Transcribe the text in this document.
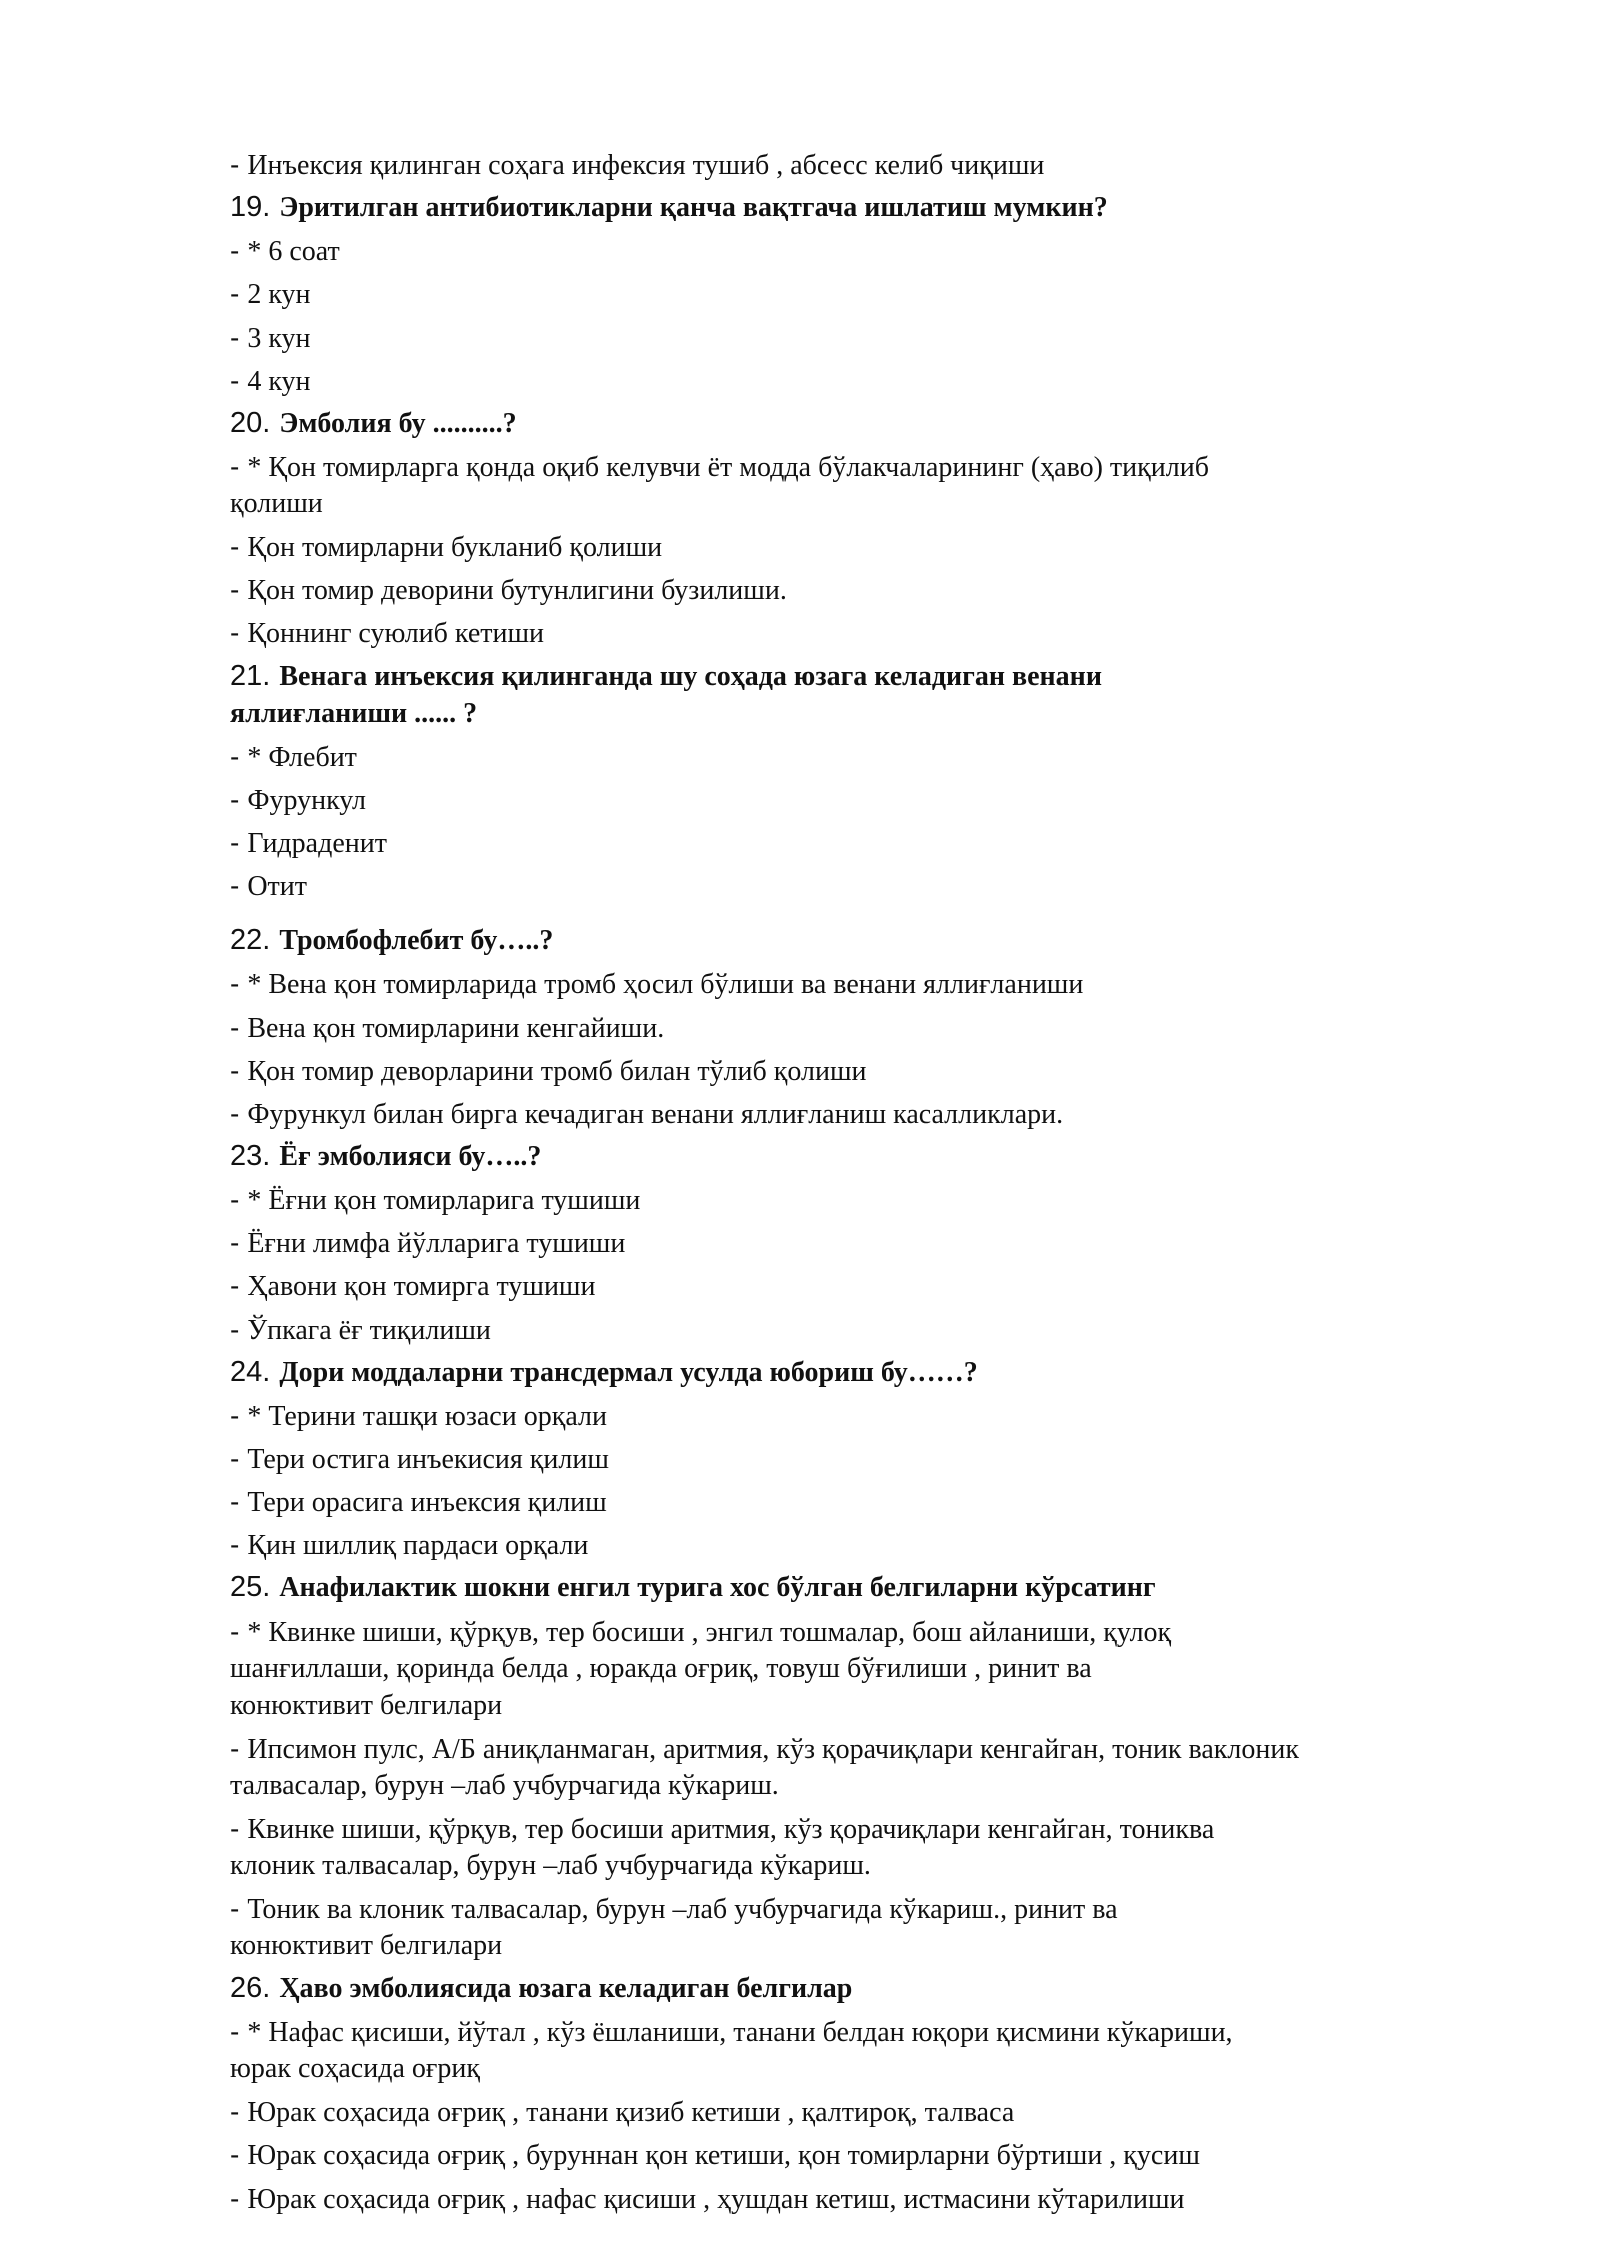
- Инъексия қилинган соҳага инфексия тушиб , абсесс келиб чиқиши
19. Эритилган антибиотикларни қанча вақтгача ишлатиш мумкин?
- * 6 соат
- 2 кун
- 3 кун
- 4 кун
20. Эмболия бу ..........?
- * Қон томирларга қонда оқиб келувчи ёт модда бўлакчаларининг (ҳаво) тиқилиб
қолиши
- Қон томирларни букланиб қолиши
- Қон томир деворини бутунлигини бузилиши.
- Қоннинг суюлиб кетиши
21. Венага инъексия қилинганда шу соҳада юзага келадиган венани
яллиғланиши ...... ?
- * Флебит
- Фурункул
- Гидраденит
- Отит
22. Тромбофлебит бу…..?
- * Вена қон томирларида тромб ҳосил бўлиши ва венани яллиғланиши
- Вена қон томирларини кенгайиши.
- Қон томир деворларини тромб билан тўлиб қолиши
- Фурункул билан бирга кечадиган венани яллиғланиш касалликлари.
23. Ёғ эмболияси бу…..?
- * Ёғни қон томирларига тушиши
- Ёғни лимфа йўлларига тушиши
- Ҳавони қон томирга тушиши
- Ўпкага ёғ тиқилиши
24. Дори моддаларни трансдермал усулда юбориш бу……?
- * Терини ташқи юзаси орқали
- Тери остига инъекисия қилиш
- Тери орасига инъексия қилиш
- Қин шиллиқ пардаси орқали
25. Анафилактик шокни енгил турига хос бўлган белгиларни кўрсатинг
- * Квинке шиши, қўрқув, тер босиши , энгил тошмалар, бош айланиши, қулоқ
шанғиллаши, қоринда белда , юракда оғриқ, товуш бўғилиши , ринит ва
конюктивит белгилари
- Ипсимон пулс, А/Б аниқланмаган, аритмия, кўз қорачиқлари кенгайган, тоник ваклоник
талвасалар, бурун –лаб учбурчагида кўкариш.
- Квинке шиши, қўрқув, тер босиши аритмия, кўз қорачиқлари кенгайган, тониква
клоник талвасалар, бурун –лаб учбурчагида кўкариш.
- Тоник ва клоник талвасалар, бурун –лаб учбурчагида кўкариш., ринит ва
конюктивит белгилари
26. Ҳаво эмболиясида юзага келадиган белгилар
- * Нафас қисиши, йўтал , кўз ёшланиши, танани белдан юқори қисмини кўкариши,
юрак соҳасида оғриқ
- Юрак соҳасида оғриқ , танани қизиб кетиши , қалтироқ, талваса
- Юрак соҳасида оғриқ , буруннан қон кетиши, қон томирларни бўртиши , қусиш
- Юрак соҳасида оғриқ , нафас қисиши , ҳушдан кетиш, истмасини кўтарилиши
